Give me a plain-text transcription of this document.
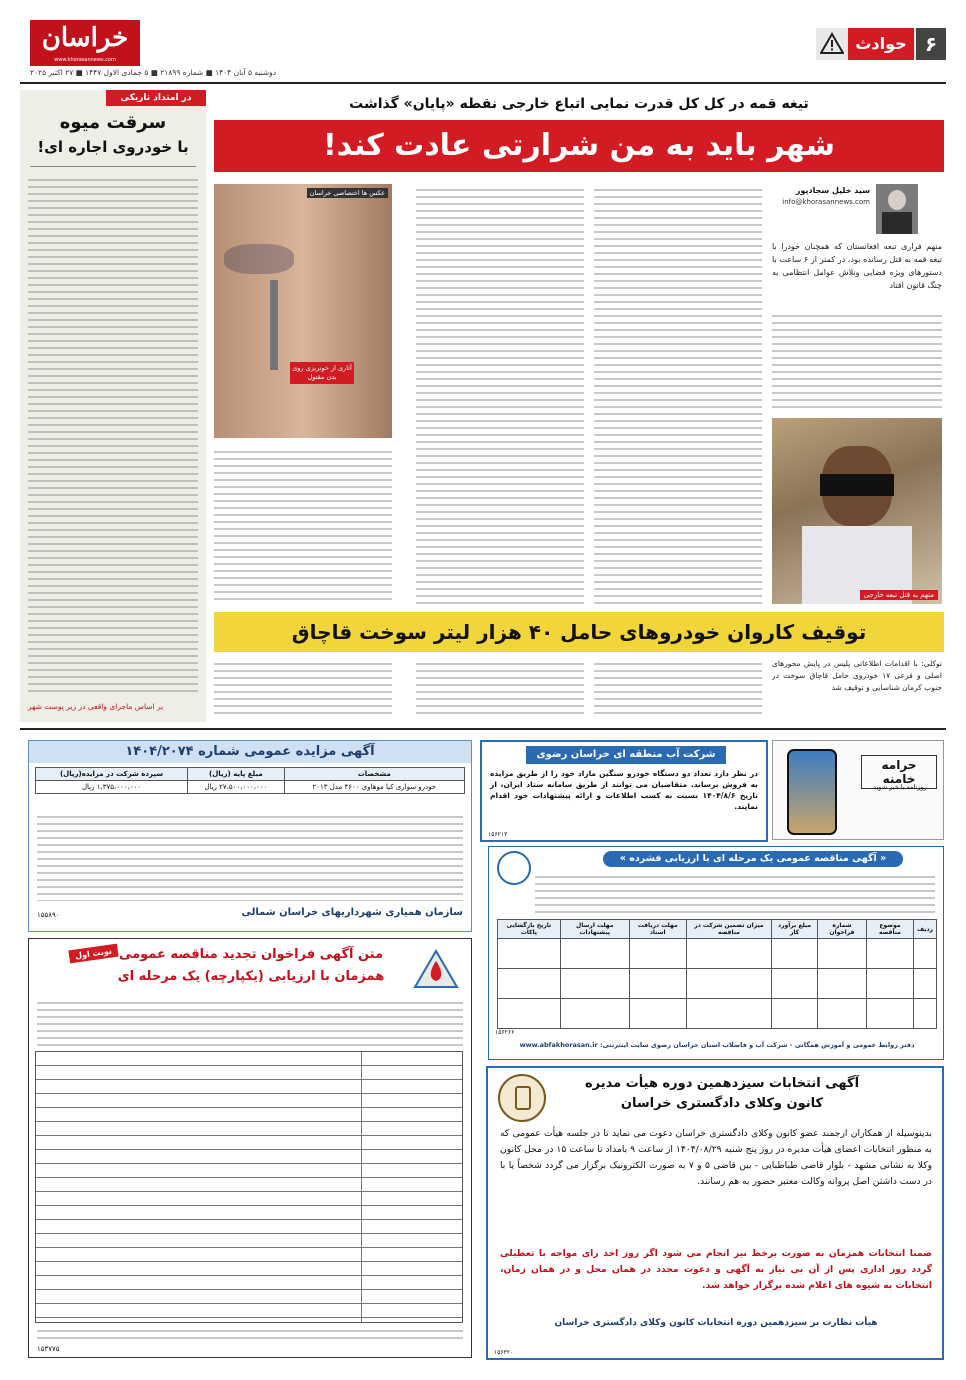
۶
حوادث
خراسان
www.khorasannews.com
دوشنبه ۵ آبان ۱۴۰۴ ■ شماره ۲۱۸۹۹ ■ ۵ جمادی الاول ۱۴۴۷ ■ ۲۷ اکتبر ۲۰۲۵
در امتداد تاریکی
سرقت میوه
با خودروی اجاره ای!
بر اساس ماجرای واقعی در زیر پوست شهر
تیغه قمه در کل کل قدرت نمایی اتباع خارجی نقطه «پایان» گذاشت
شهر باید به من شرارتی عادت کند!
سید خلیل سجادپور
info@khorasannews.com
متهم فراری تبعه افغانستان که همچنان خودرا با تیغه قمه به قتل رسانده بود، در کمتر از ۶ ساعت با دستورهای ویژه قضایی ونلاش عوامل انتظامی به چنگ قانون افتاد
متهم به قتل تبعه خارجی
عکس ها اختصاصی خراسان
آثاری از خونریزی روی بدن مقتول
توقیف کاروان خودروهای حامل ۴۰ هزار لیتر سوخت قاچاق
توکلی: با اقدامات اطلاعاتی پلیس در پایش محورهای اصلی و فرعی ۱۷ خودروی حامل قاچاق سوخت در جنوب کرمان شناسایی و توقیف شد
آگهی مزایده عمومی شماره ۱۴۰۴/۲۰۷۴
مشخصات	مبلغ پایه (ریال)	سپرده شرکت در مزایده(ریال)
خودرو سواری کیا موهاوی ۴۶۰۰ مدل ۲۰۱۳	۲۷،۵۰۰،۰۰۰،۰۰۰ ریال	۱،۳۷۵،۰۰۰،۰۰۰ ریال
سازمان همیاری شهرداریهای خراسان شمالی
۱۵۵۸۹۰
شرکت آب منطقه ای خراسان رضوی
در نظر دارد تعداد دو دستگاه خودرو سنگین مازاد خود را از طریق مزایده به فروش برساند. متقاضیان می توانند از طریق سامانه ستاد ایران، از تاریخ ۱۴۰۴/۸/۶ نسبت به کسب اطلاعات و ارائه پیشنهادات خود اقدام نمایند.
۱۵۶۲۱۳
حرامه خامنه
روزنامه با خبر شوید
« آگهی مناقصه عمومی یک مرحله ای با ارزیابی فشرده »
ردیف	موضوع مناقصه	شماره فراخوان	مبلغ برآورد کار	میزان تضمین شرکت در مناقصه	مهلت دریافت اسناد	مهلت ارسال پیشنهادات	تاریخ بازگشایی پاکات

۱۵۶۲۶۶
دفتر روابط عمومی و آموزش همگانی - شرکت آب و فاضلاب استان خراسان رضوی سایت اینترنتی: www.abfakhorasan.ir
نوبت اول متن آگهی فراخوان تجدید مناقصه عمومی
همزمان با ارزیابی (یکپارچه) یک مرحله ای
۱۵۳۷۷۵
آگهی انتخابات سیزدهمین دوره هیأت مدیره
کانون وکلای دادگستری خراسان
بدینوسیله از همکاران ارجمند عضو کانون وکلای دادگستری خراسان دعوت می نماید تا در جلسه هیأت عمومی که به منظور انتخابات اعضای هیأت مدیره در روز پنج شنبه ۱۴۰۴/۰۸/۲۹ از ساعت ۹ بامداد تا ساعت ۱۵ در محل کانون وکلا به نشانی مشهد - بلوار قاضی طباطبایی - بین قاضی ۵ و ۷ به صورت الکترونیک برگزار می گردد شخصاً یا با در دست داشتن اصل پروانه وکالت معتبر حضور به هم رسانند.
ضمنا انتخابات همزمان به صورت برخط نیز انجام می شود اگر روز اخذ رای مواجه با تعطیلی گردد روز اداری پس از آن بی نیاز به آگهی و دعوت مجدد در همان محل و در همان زمان، انتخابات به شیوه های اعلام شده برگزار خواهد شد.
هیأت نظارت بر سیزدهمین دوره انتخابات کانون وکلای دادگستری خراسان
۱۵۶۳۲۰
